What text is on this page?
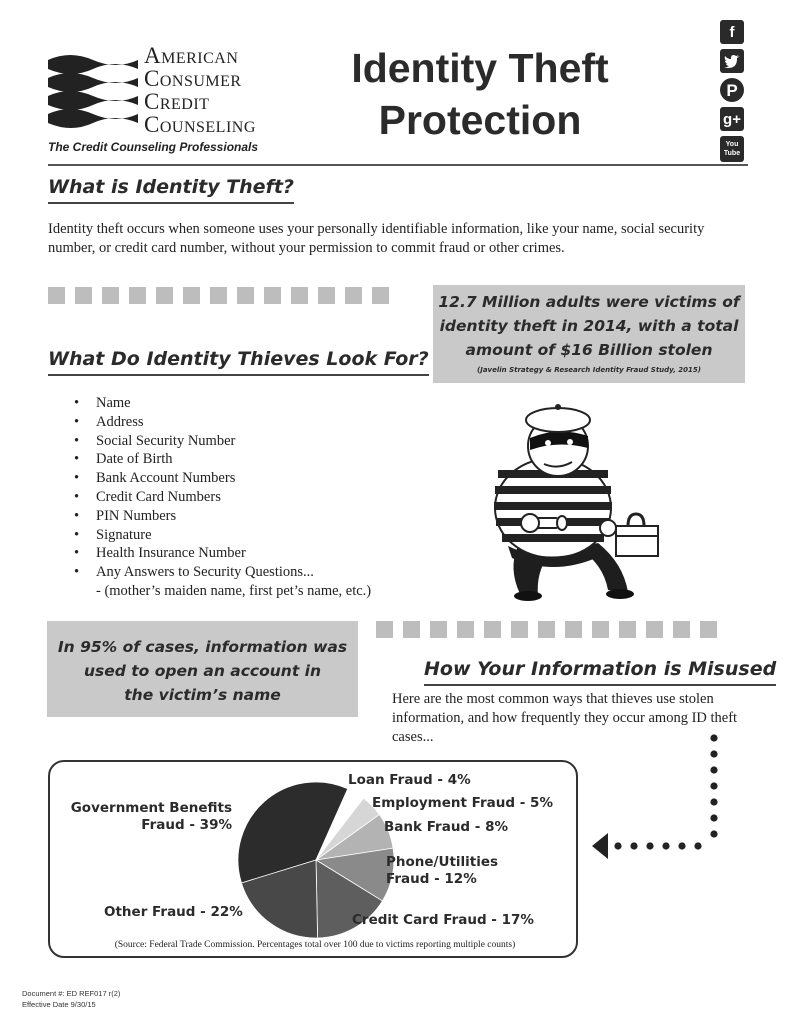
American
Consumer
Credit
Counseling
The Credit Counseling Professionals
Identity Theft
Protection
f
P
g+
You
Tube
What is Identity Theft?
Identity theft occurs when someone uses your personally identifiable information, like your name, social security number, or credit card number, without your permission to commit fraud or other crimes.
12.7 Million adults were victims of
identity theft in 2014, with a total
amount of $16 Billion stolen
(Javelin Strategy & Research Identity Fraud Study, 2015)
What Do Identity Thieves Look For?
• Name
• Address
• Social Security Number
• Date of Birth
• Bank Account Numbers
• Credit Card Numbers
• PIN Numbers
• Signature
• Health Insurance Number
• Any Answers to Security Questions...
- (mother’s maiden name, first pet’s name, etc.)
In 95% of cases, information was
used to open an account in
the victim’s name
How Your Information is Misused
Here are the most common ways that thieves use stolen information, and how frequently they occur among ID theft cases...
Government Benefits
Fraud - 39%
Loan Fraud - 4%
Employment Fraud - 5%
Bank Fraud - 8%
Phone/Utilities
Fraud - 12%
Credit Card Fraud - 17%
Other Fraud - 22%
(Source: Federal Trade Commission. Percentages total over 100 due to victims reporting multiple counts)
Document #: ED REF017 r(2)
Effective Date 9/30/15
